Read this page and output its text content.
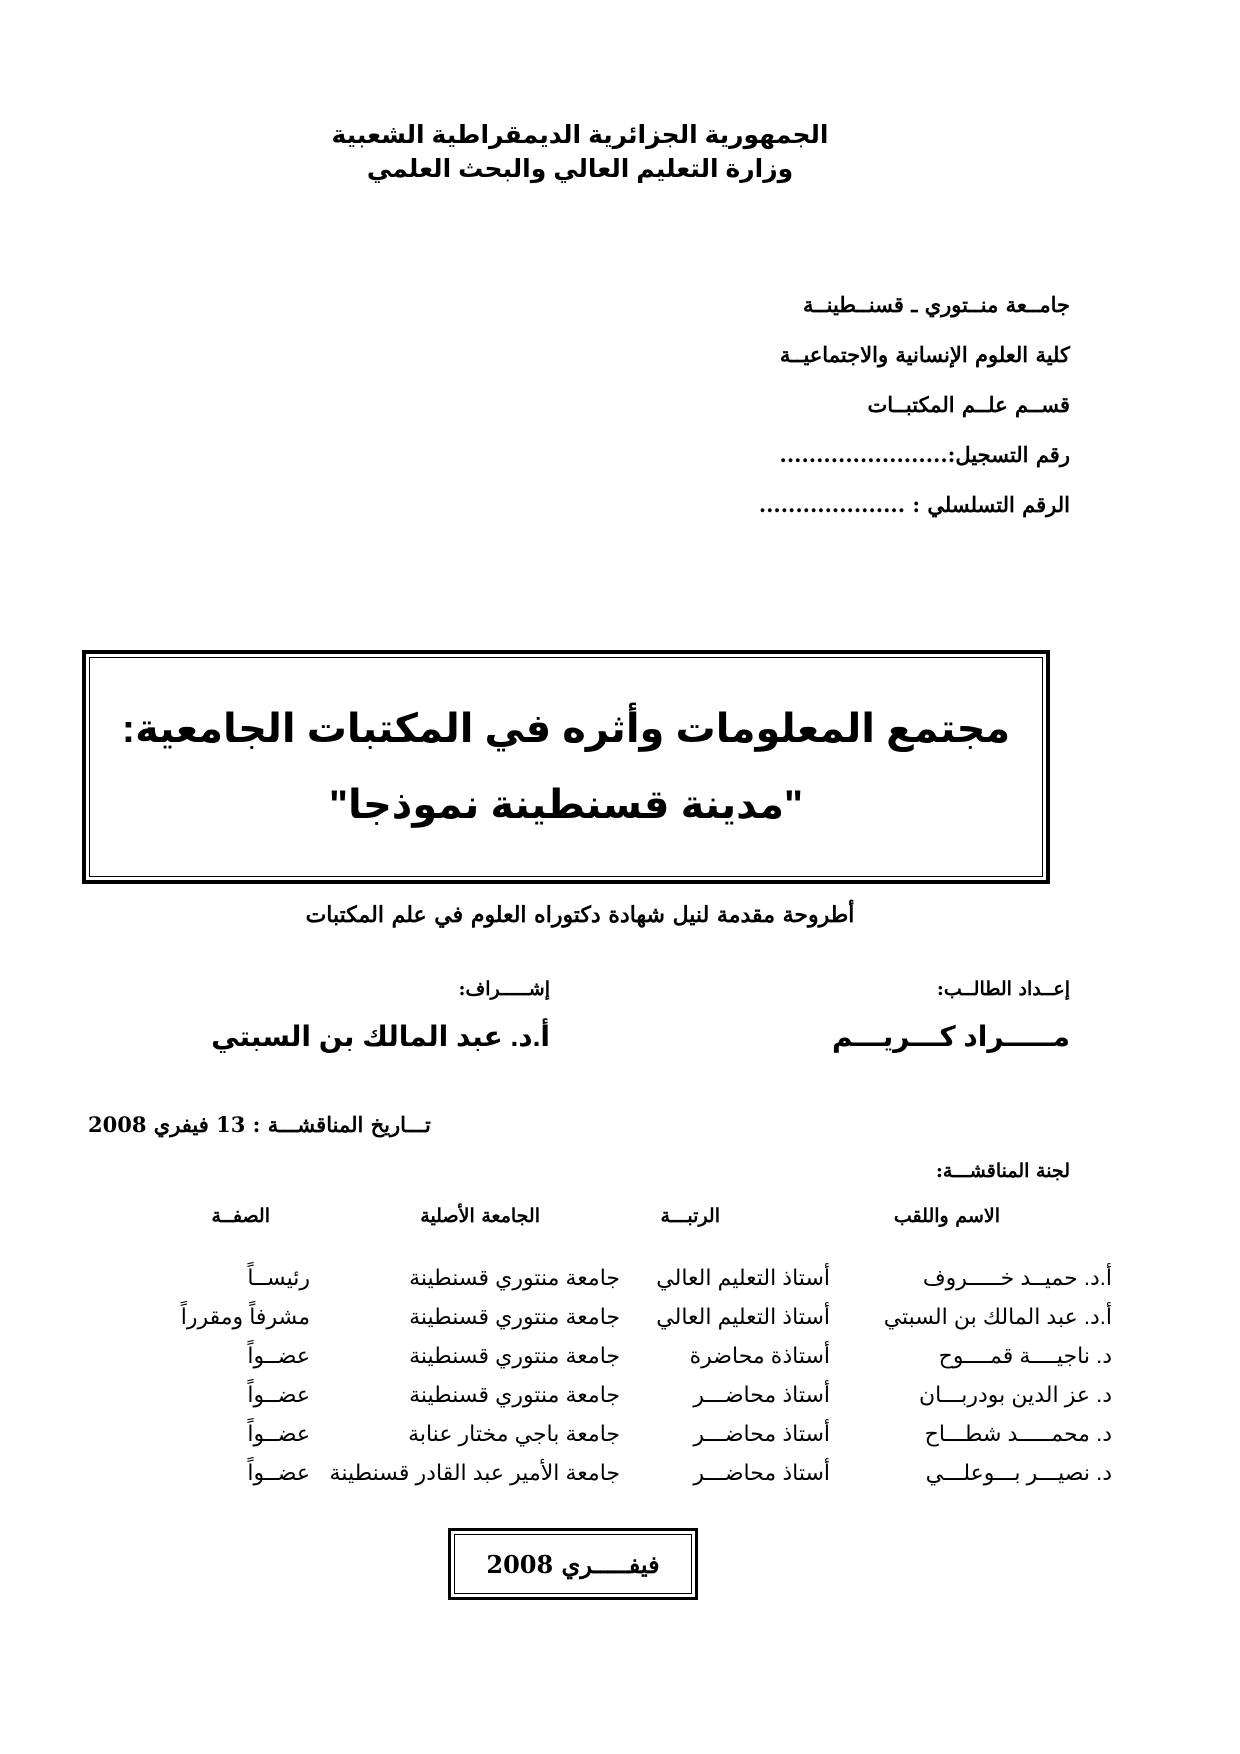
الجمهورية الجزائرية الديمقراطية الشعبية
وزارة التعليم العالي والبحث العلمي
جامــعة منــتوري ـ قسنــطينــة
كلية العلوم الإنسانية والاجتماعيــة
قســم علــم المكتبــات
رقم التسجيل:.......................
الرقم التسلسلي : ....................
مجتمع المعلومات وأثره في المكتبات الجامعية:
"مدينة قسنطينة نموذجا"
أطروحة مقدمة لنيل شهادة دكتوراه العلوم في علم المكتبات
إعــداد الطالــب:
مـــــراد كـــريـــم
إشـــــراف:
أ.د. عبد المالك بن السبتي
تـــاريخ المناقشـــة : 13 فيفري 2008
لجنة المناقشـــة:
الاسم واللقب
الرتبـــة
الجامعة الأصلية
الصفــة
أ.د. حميــد خـــــروف
أستاذ التعليم العالي
جامعة منتوري قسنطينة
رئيســاً
أ.د. عبد المالك بن السبتي
أستاذ التعليم العالي
جامعة منتوري قسنطينة
مشرفاً ومقرراً
د. ناجيــــة قمــــوح
أستاذة محاضرة
جامعة منتوري قسنطينة
عضــواً
د. عز الدين بودربـــان
أستاذ محاضـــر
جامعة منتوري قسنطينة
عضــواً
د. محمـــــد شطـــاح
أستاذ محاضـــر
جامعة باجي مختار عنابة
عضــواً
د. نصيـــر بـــوعلـــي
أستاذ محاضـــر
جامعة الأمير عبد القادر قسنطينة
عضــواً
فيفـــــري 2008
